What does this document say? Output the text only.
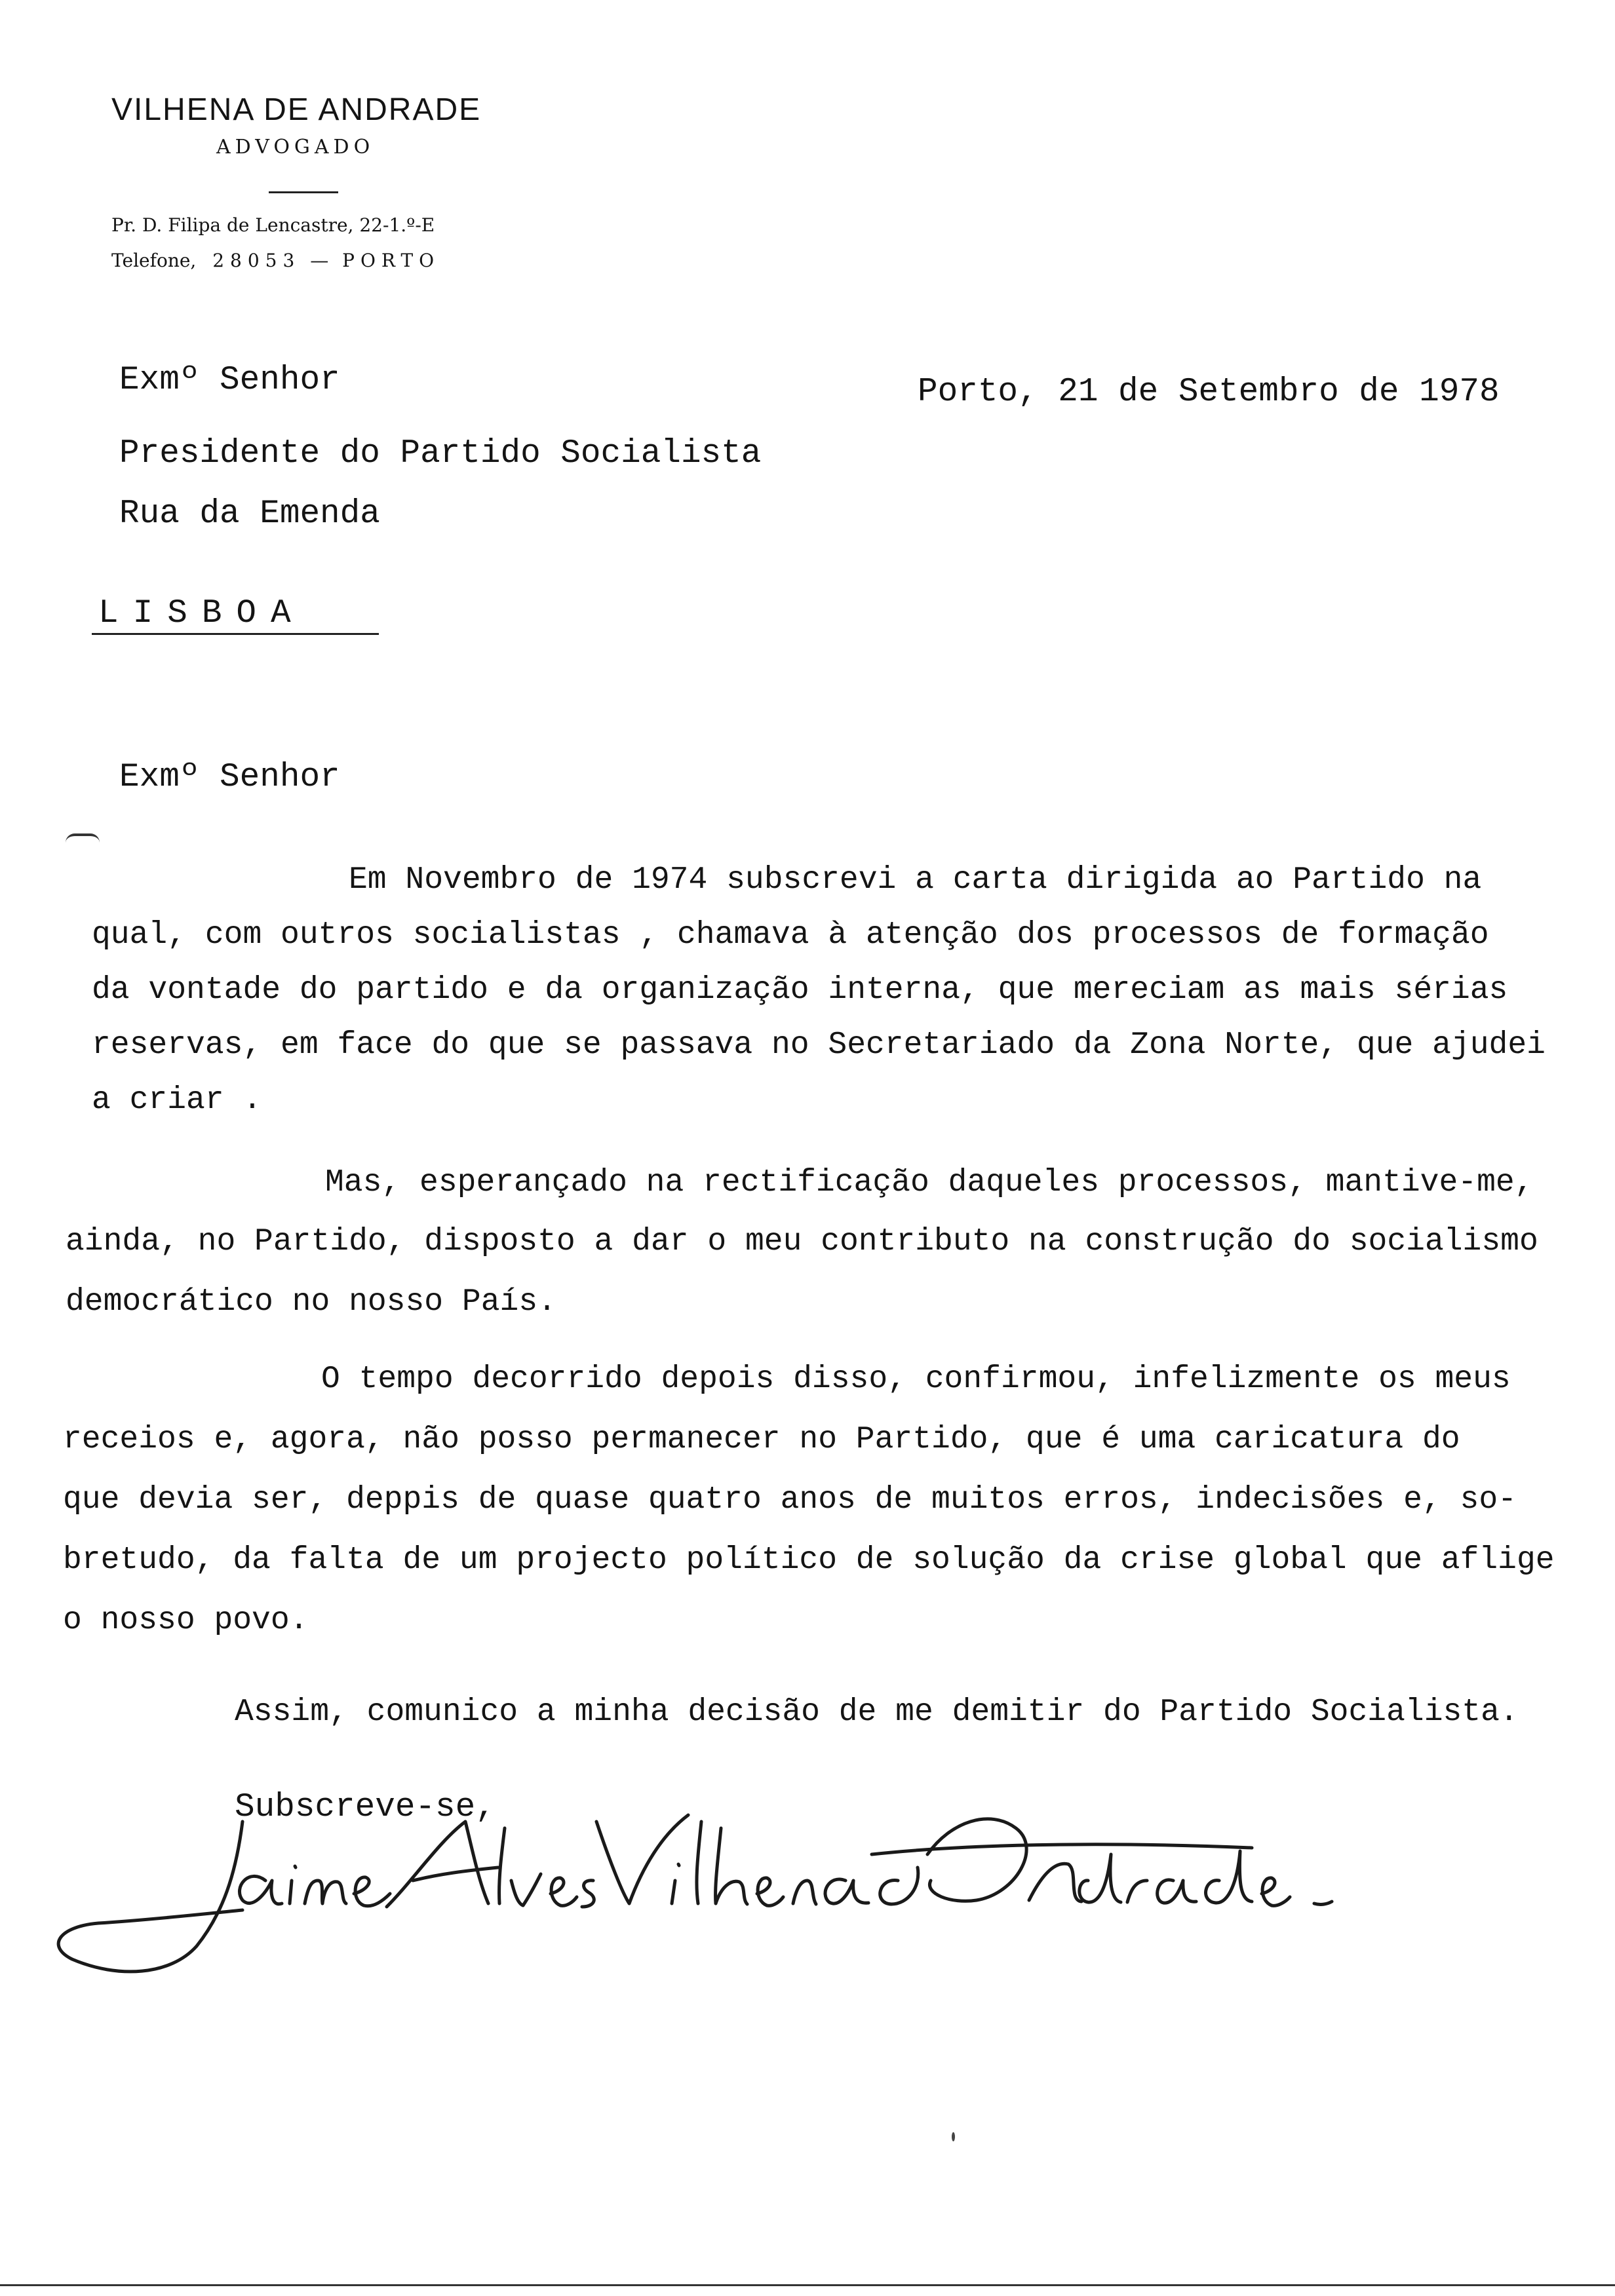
VILHENA DE ANDRADE
ADVOGADO
Pr. D. Filipa de Lencastre, 22-1.º-E
Telefone, 28053 — PORTO
Exmº Senhor
Presidente do Partido Socialista
Rua da Emenda
LISBOA
Porto, 21 de Setembro de 1978
Exmº Senhor
Em Novembro de 1974 subscrevi a carta dirigida ao Partido na
qual, com outros socialistas , chamava à atenção dos processos de formação
da vontade do partido e da organização interna, que mereciam as mais sérias
reservas, em face do que se passava no Secretariado da Zona Norte, que ajudei
a criar .
Mas, esperançado na rectificação daqueles processos, mantive-me,
ainda, no Partido, disposto a dar o meu contributo na construção do socialismo
democrático no nosso País.
O tempo decorrido depois disso, confirmou, infelizmente os meus
receios e, agora, não posso permanecer no Partido, que é uma caricatura do
que devia ser, deppis de quase quatro anos de muitos erros, indecisões e, so-
bretudo, da falta de um projecto político de solução da crise global que aflige
o nosso povo.
Assim, comunico a minha decisão de me demitir do Partido Socialista.
Subscreve-se,
